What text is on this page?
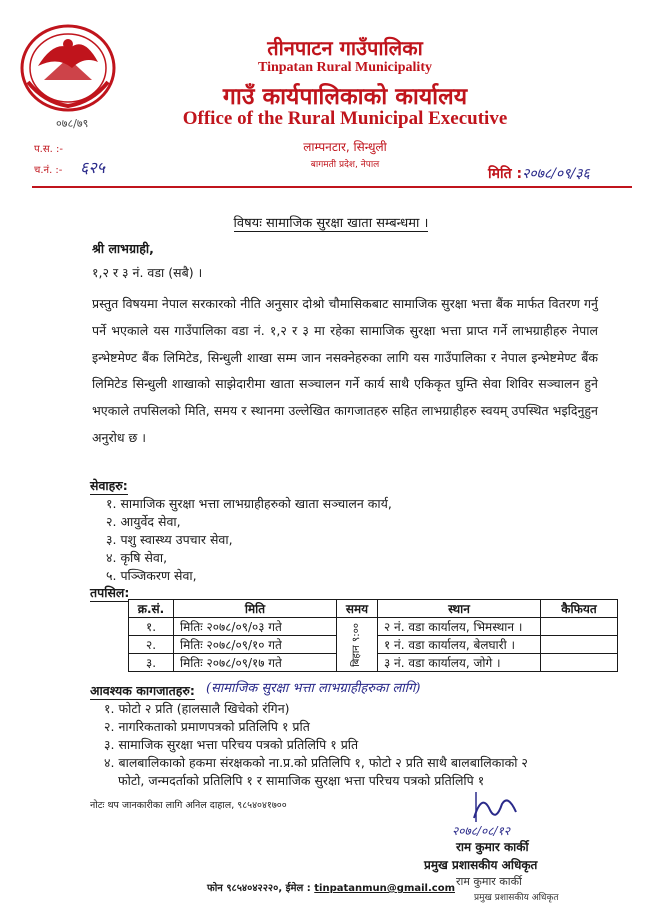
०७८/७९
तीनपाटन गाउँपालिका
Tinpatan Rural Municipality
गाउँ कार्यपालिकाको कार्यालय
Office of the Rural Municipal Executive
लाम्पनटार, सिन्धुली
बागमती प्रदेश, नेपाल
प.स. :-
च.नं. :- ६२५	मिति :२०७८/०९/३६
विषयः सामाजिक सुरक्षा खाता सम्बन्धमा ।
श्री लाभग्राही,
१,२ र ३ नं. वडा (सबै) ।
प्रस्तुत विषयमा नेपाल सरकारको नीति अनुसार दोश्रो चौमासिकबाट सामाजिक सुरक्षा भत्ता बैंक मार्फत वितरण गर्नु पर्ने भएकाले यस गाउँपालिका वडा नं. १,२ र ३ मा रहेका सामाजिक सुरक्षा भत्ता प्राप्त गर्ने लाभग्राहीहरु नेपाल इन्भेष्टमेण्ट बैंक लिमिटेड, सिन्धुली शाखा सम्म जान नसक्नेहरुका लागि यस गाउँपालिका र नेपाल इन्भेष्टमेण्ट बैंक लिमिटेड सिन्धुली शाखाको साझेदारीमा खाता सञ्चालन गर्ने कार्य साथै एकिकृत घुम्ति सेवा शिविर सञ्चालन हुने भएकाले तपसिलको मिति, समय र स्थानमा उल्लेखित कागजातहरु सहित लाभग्राहीहरु स्वयम् उपस्थित भइदिनुहुन अनुरोध छ ।
सेवाहरु:
१. सामाजिक सुरक्षा भत्ता लाभग्राहीहरुको खाता सञ्चालन कार्य,
२. आयुर्वेद सेवा,
३. पशु स्वास्थ्य उपचार सेवा,
४. कृषि सेवा,
५. पञ्जिकरण सेवा,
तपसिल:
क्र.सं.	मिति	समय	स्थान	कैफियत
१.	मितिः २०७८/०९/०३ गते	बिहान ९:००	२ नं. वडा कार्यालय, भिमस्थान ।	
२.	मितिः २०७८/०९/१० गते		१ नं. वडा कार्यालय, बेलघारी ।	
३.	मितिः २०७८/०९/१७ गते		३ नं. वडा कार्यालय, जोगे ।	
आवश्यक कागजातहरु: (सामाजिक सुरक्षा भत्ता लाभग्राहीहरुका लागि)
१. फोटो २ प्रति (हालसालै खिचेको रंगिन)
२. नागरिकताको प्रमाणपत्रको प्रतिलिपि १ प्रति
३. सामाजिक सुरक्षा भत्ता परिचय पत्रको प्रतिलिपि १ प्रति
४. बालबालिकाको हकमा संरक्षकको ना.प्र.को प्रतिलिपि १, फोटो २ प्रति साथै बालबालिकाको २
फोटो, जन्मदर्ताको प्रतिलिपि १ र सामाजिक सुरक्षा भत्ता परिचय पत्रको प्रतिलिपि १
नोटः थप जानकारीका लागि अनिल दाहाल, ९८५४०४१७००
२०७८/०८/१२
राम कुमार कार्की
प्रमुख प्रशासकीय अधिकृत
राम कुमार कार्की
प्रमुख प्रशासकीय अधिकृत
फोन ९८५४०४२२२०, ईमेल : tinpatanmun@gmail.com
